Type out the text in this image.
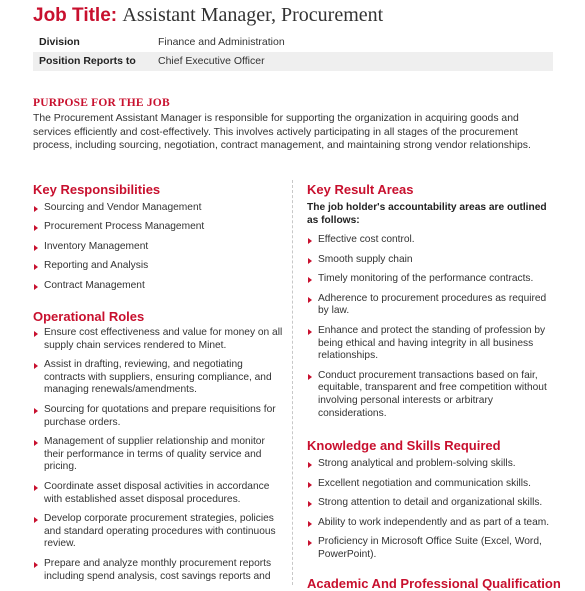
Job Title: Assistant Manager, Procurement
Division	Finance and Administration
Position Reports to Chief Executive Officer
PURPOSE FOR THE JOB
The Procurement Assistant Manager is responsible for supporting the organization in acquiring goods and services efficiently and cost-effectively. This involves actively participating in all stages of the procurement process, including sourcing, negotiation, contract management, and maintaining strong vendor relationships.
Key Responsibilities
Sourcing and Vendor Management
Procurement Process Management
Inventory Management
Reporting and Analysis
Contract Management
Operational Roles
Ensure cost effectiveness and value for money on all supply chain services rendered to Minet.
Assist in drafting, reviewing, and negotiating contracts with suppliers, ensuring compliance, and managing renewals/amendments.
Sourcing for quotations and prepare requisitions for purchase orders.
Management of supplier relationship and monitor their performance in terms of quality service and pricing.
Coordinate asset disposal activities in accordance with established asset disposal procedures.
Develop corporate procurement strategies, policies and standard operating procedures with continuous review.
Prepare and analyze monthly procurement reports including spend analysis, cost savings reports and
Key Result Areas
The job holder's accountability areas are outlined as follows:
Effective cost control.
Smooth supply chain
Timely monitoring of the performance contracts.
Adherence to procurement procedures as required by law.
Enhance and protect the standing of profession by being ethical and having integrity in all business relationships.
Conduct procurement transactions based on fair, equitable, transparent and free competition without involving personal interests or arbitrary considerations.
Knowledge and Skills Required
Strong analytical and problem-solving skills.
Excellent negotiation and communication skills.
Strong attention to detail and organizational skills.
Ability to work independently and as part of a team.
Proficiency in Microsoft Office Suite (Excel, Word, PowerPoint).
Academic And Professional Qualification
